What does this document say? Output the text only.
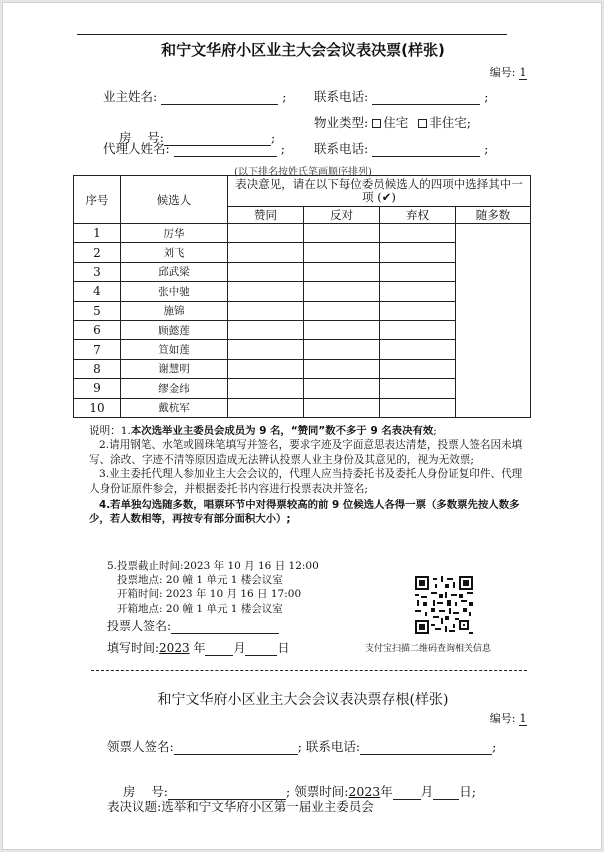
和宁文华府小区业主大会会议表决票(样张)
编号: 1
业主姓名:	; 联系电话:	;

房    号:	;

物业类型: 住宅 非住宅;
代理人姓名:	; 联系电话:	;
(以下排名按姓氏笔画顺序排列)
序号	候选人	表决意见，请在以下每位委员候选人的四项中选择其中一项 (✔)			
		赞同	反对	弃权	随多数
1	厉华				
2	刘飞				
3	邱武梁				
4	张中驰				
5	施锦				
6	顾懿莲				
7	笪如莲				
8	谢慧明				
9	缪金纬				
10	戴杭军				

说明：1.本次选举业主委员会成员为 9 名，“赞同”数不多于 9 名表决有效;

2.请用钢笔、水笔或圆珠笔填写并签名，要求字迹及字面意思表达清楚，投票人签名因未填写、涂改、字迹不清等原因造成无法辨认投票人业主身份及其意见的，视为无效票;

3.业主委托代理人参加业主大会会议的，代理人应当持委托书及委托人身份证复印件、代理人身份证原件参会，并根据委托书内容进行投票表决并签名;

4.若单独勾选随多数，唱票环节中对得票较高的前 9 位候选人各得一票（多数票先按人数多少，若人数相等，再按专有部分面积大小）;

5.投票截止时间:2023 年 10 月 16 日 12:00
投票地点: 20 幢 1 单元 1 楼会议室
开箱时间: 2023 年 10 月 16 日 17:00
开箱地点: 20 幢 1 单元 1 楼会议室
投票人签名:
填写时间:2023 年 月	日	支付宝扫描二维码查询相关信息
和宁文华府小区业主大会会议表决票存根(样张)
编号: 1
领票人签名:	; 联系电话:	;

房    号:	; 领票时间:2023年 月 日;

表决议题:选举和宁文华府小区第一届业主委员会
